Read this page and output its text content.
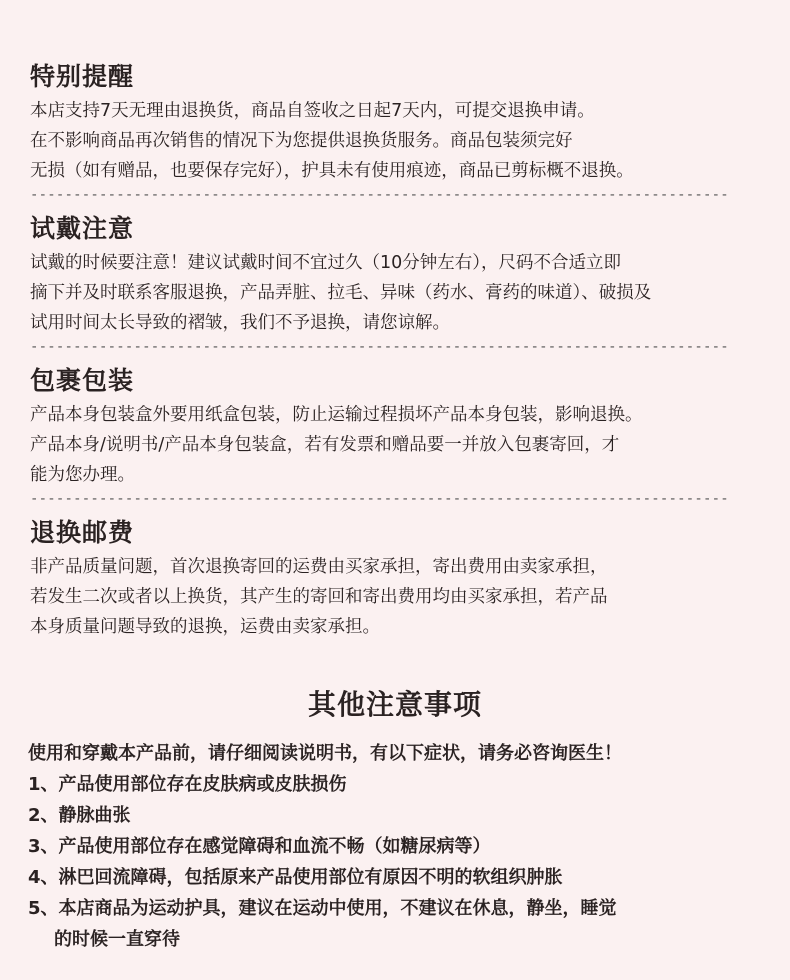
特别提醒

本店支持7天无理由退换货，商品自签收之日起7天内，可提交退换申请。

在不影响商品再次销售的情况下为您提供退换货服务。商品包装须完好

无损（如有赠品，也要保存完好），护具未有使用痕迹，商品已剪标概不退换。

-----
试戴注意

试戴的时候要注意！建议试戴时间不宜过久（10分钟左右），尺码不合适立即

摘下并及时联系客服退换，产品弄脏、拉毛、异味（药水、膏药的味道）、破损及

试用时间太长导致的褶皱，我们不予退换，请您谅解。

-----
包裹包装

产品本身包装盒外要用纸盒包装，防止运输过程损坏产品本身包装，影响退换。

产品本身/说明书/产品本身包装盒，若有发票和赠品要一并放入包裹寄回，才

能为您办理。

-----
退换邮费

非产品质量问题，首次退换寄回的运费由买家承担，寄出费用由卖家承担，

若发生二次或者以上换货，其产生的寄回和寄出费用均由买家承担，若产品

本身质量问题导致的退换，运费由卖家承担。

其他注意事项

使用和穿戴本产品前，请仔细阅读说明书，有以下症状，请务必咨询医生！

1、产品使用部位存在皮肤病或皮肤损伤

2、静脉曲张

3、产品使用部位存在感觉障碍和血流不畅（如糖尿病等）

4、淋巴回流障碍，包括原来产品使用部位有原因不明的软组织肿胀

5、本店商品为运动护具，建议在运动中使用，不建议在休息，静坐，睡觉

的时候一直穿待
